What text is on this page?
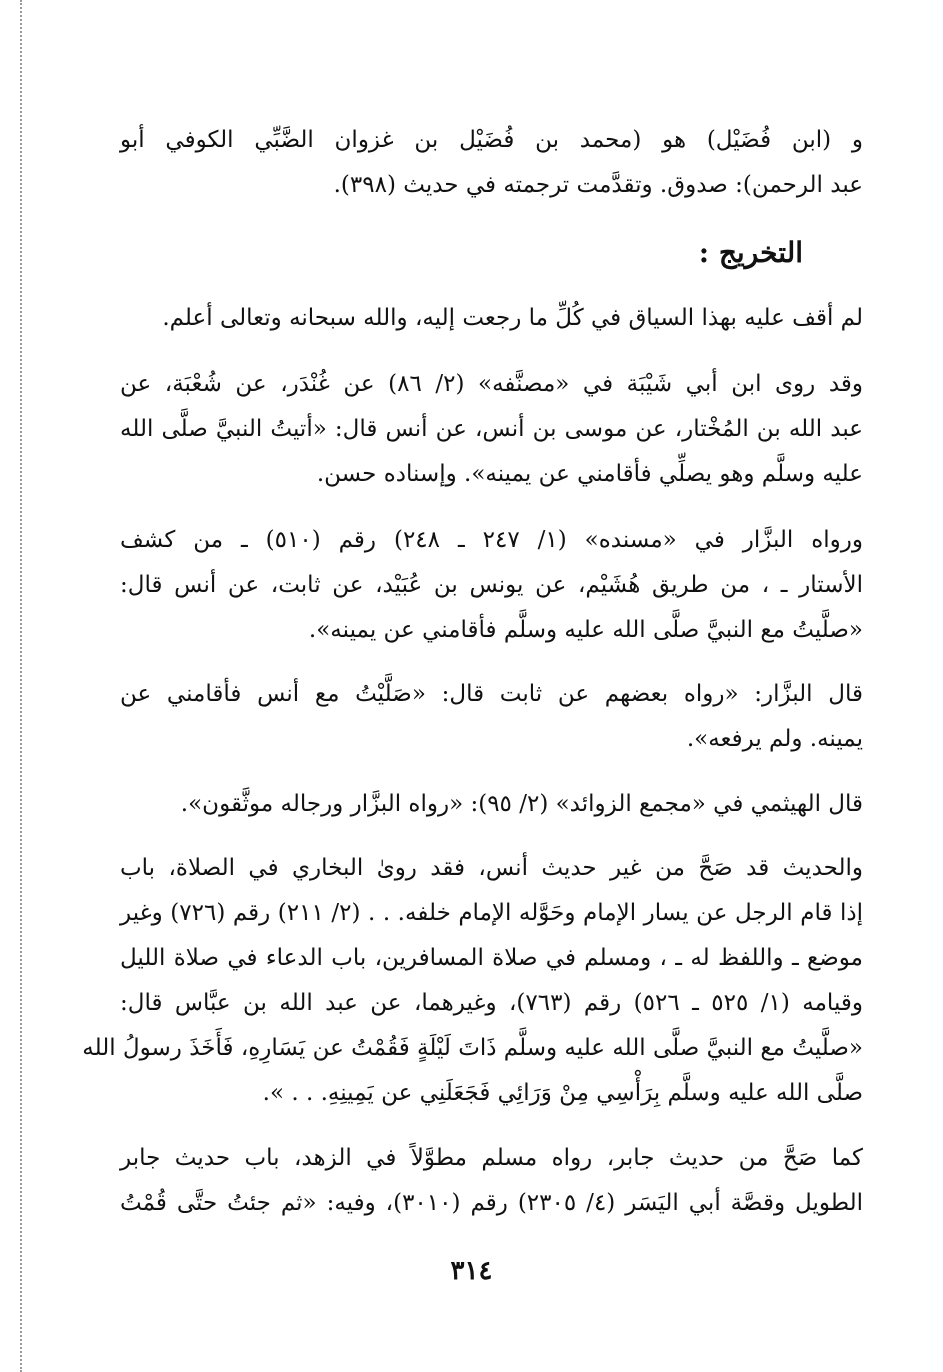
و (ابن فُضَيْل) هو (محمد بن فُضَيْل بن غزوان الضَّبِّي الكوفي أبو
عبد الرحمن): صدوق. وتقدَّمت ترجمته في حديث (٣٩٨).
التخريج :
لم أقف عليه بهذا السياق في كُلِّ ما رجعت إليه، والله سبحانه وتعالى أعلم.
وقد روى ابن أبي شَيْبَة في «مصنَّفه» (٢/ ٨٦) عن غُنْدَر، عن شُعْبَة، عن
عبد الله بن المُخْتار، عن موسى بن أنس، عن أنس قال: «أتيتُ النبيَّ صلَّى الله
عليه وسلَّم وهو يصلِّي فأقامني عن يمينه». وإسناده حسن.
ورواه البزَّار في «مسنده» (١/ ٢٤٧ ـ ٢٤٨) رقم (٥١٠) ـ من كشف
الأستار ـ ، من طريق هُشَيْم، عن يونس بن عُبَيْد، عن ثابت، عن أنس قال:
«صلَّيتُ مع النبيَّ صلَّى الله عليه وسلَّم فأقامني عن يمينه».
قال البزَّار: «رواه بعضهم عن ثابت قال: «صَلَّيْتُ مع أنس فأقامني عن
يمينه. ولم يرفعه».
قال الهيثمي في «مجمع الزوائد» (٢/ ٩٥): «رواه البزَّار ورجاله موثَّقون».
والحديث قد صَحَّ من غير حديث أنس، فقد روىٰ البخاري في الصلاة، باب
إذا قام الرجل عن يسار الإمام وحَوَّله الإمام خلفه. . . (٢/ ٢١١) رقم (٧٢٦) وغير
موضع ـ واللفظ له ـ ، ومسلم في صلاة المسافرين، باب الدعاء في صلاة الليل
وقيامه (١/ ٥٢٥ ـ ٥٢٦) رقم (٧٦٣)، وغيرهما، عن عبد الله بن عبَّاس قال:
«صلَّيتُ مع النبيَّ صلَّى الله عليه وسلَّم ذَاتَ لَيْلَةٍ فَقُمْتُ عن يَسَارِهِ، فَأَخَذَ رسولُ الله
صلَّى الله عليه وسلَّم بِرَأْسِي مِنْ وَرَائِي فَجَعَلَنِي عن يَمِينِهِ. . . ».
كما صَحَّ من حديث جابر، رواه مسلم مطوَّلاً في الزهد، باب حديث جابر
الطويل وقصَّة أبي اليَسَر (٤/ ٢٣٠٥) رقم (٣٠١٠)، وفيه: «ثم جئتُ حتَّى قُمْتُ
٣١٤
